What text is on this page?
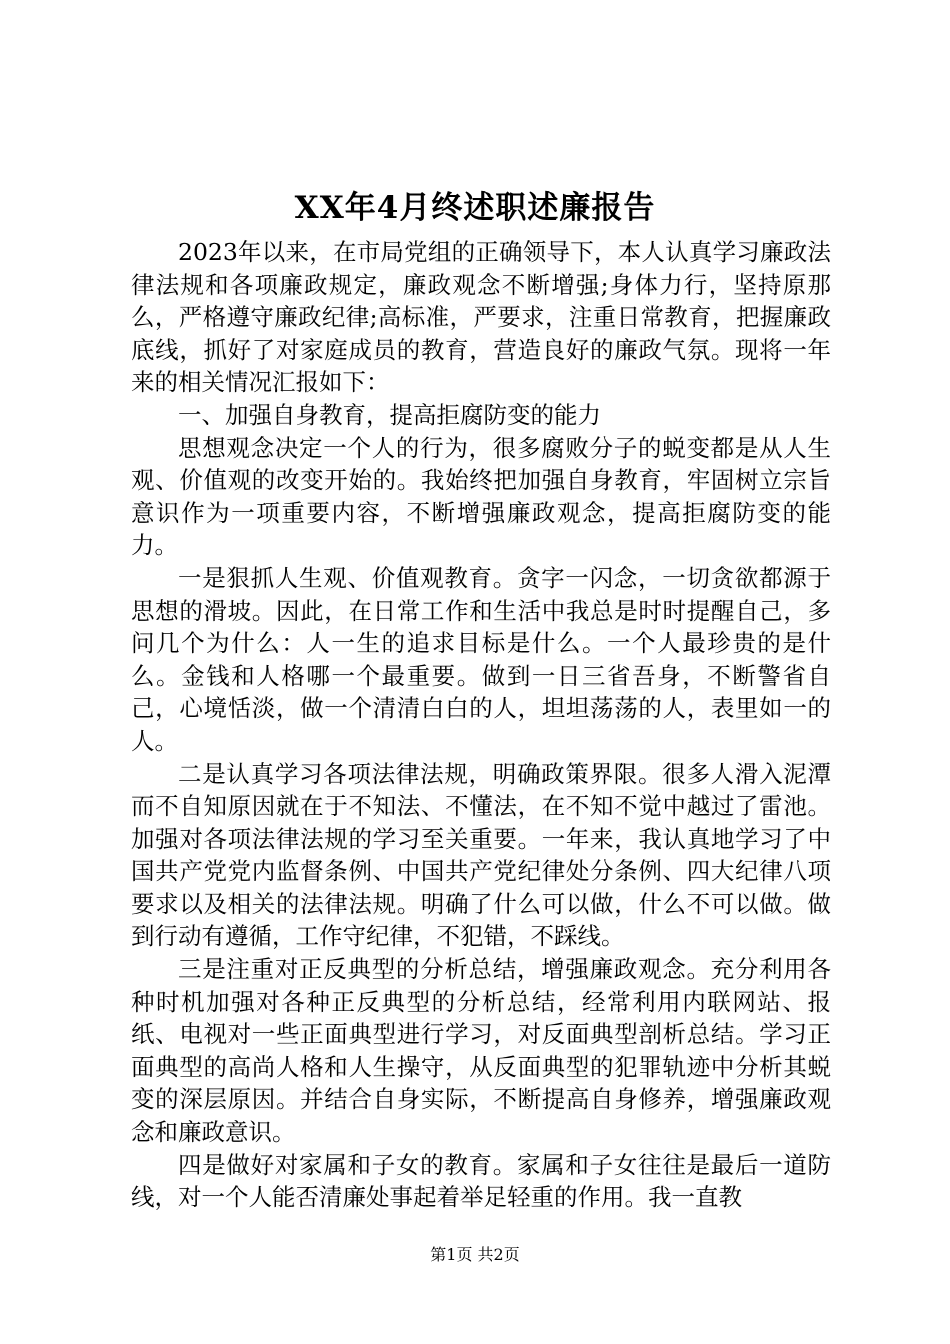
XX年4月终述职述廉报告

2023年以来，在市局党组的正确领导下，本人认真学习廉政法律法规和各项廉政规定，廉政观念不断增强;身体力行，坚持原那么，严格遵守廉政纪律;高标准，严要求，注重日常教育，把握廉政底线，抓好了对家庭成员的教育，营造良好的廉政气氛。现将一年来的相关情况汇报如下：

一、加强自身教育，提高拒腐防变的能力

思想观念决定一个人的行为，很多腐败分子的蜕变都是从人生观、价值观的改变开始的。我始终把加强自身教育，牢固树立宗旨意识作为一项重要内容，不断增强廉政观念，提高拒腐防变的能力。

一是狠抓人生观、价值观教育。贪字一闪念，一切贪欲都源于思想的滑坡。因此，在日常工作和生活中我总是时时提醒自己，多问几个为什么：人一生的追求目标是什么。一个人最珍贵的是什么。金钱和人格哪一个最重要。做到一日三省吾身，不断警省自己，心境恬淡，做一个清清白白的人，坦坦荡荡的人，表里如一的人。

二是认真学习各项法律法规，明确政策界限。很多人滑入泥潭而不自知原因就在于不知法、不懂法，在不知不觉中越过了雷池。加强对各项法律法规的学习至关重要。一年来，我认真地学习了中国共产党党内监督条例、中国共产党纪律处分条例、四大纪律八项要求以及相关的法律法规。明确了什么可以做，什么不可以做。做到行动有遵循，工作守纪律，不犯错，不踩线。

三是注重对正反典型的分析总结，增强廉政观念。充分利用各种时机加强对各种正反典型的分析总结，经常利用内联网站、报纸、电视对一些正面典型进行学习，对反面典型剖析总结。学习正面典型的高尚人格和人生操守，从反面典型的犯罪轨迹中分析其蜕变的深层原因。并结合自身实际，不断提高自身修养，增强廉政观念和廉政意识。

四是做好对家属和子女的教育。家属和子女往往是最后一道防线，对一个人能否清廉处事起着举足轻重的作用。我一直教

第1页 共2页
